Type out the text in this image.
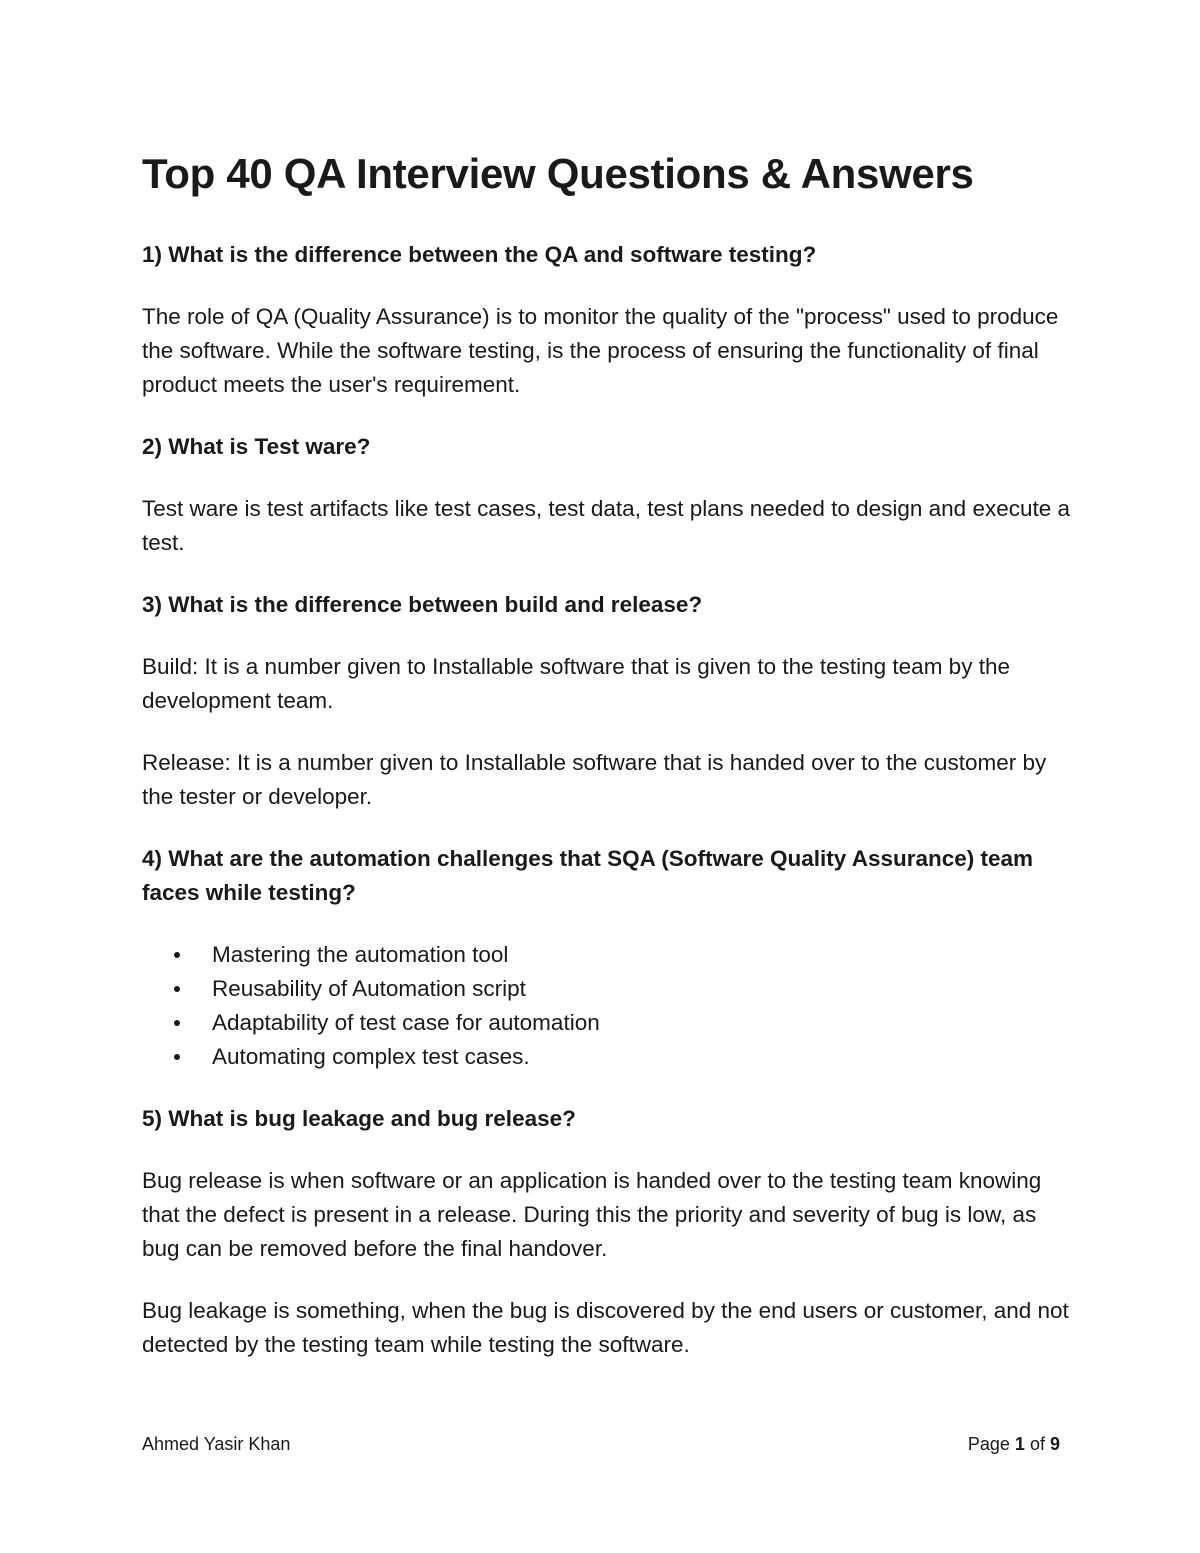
Top 40 QA Interview Questions & Answers
1) What is the difference between the QA and software testing?
The role of QA (Quality Assurance) is to monitor the quality of the "process" used to produce the software. While the software testing, is the process of ensuring the functionality of final product meets the user's requirement.
2) What is Test ware?
Test ware is test artifacts like test cases, test data, test plans needed to design and execute a test.
3) What is the difference between build and release?
Build: It is a number given to Installable software that is given to the testing team by the development team.
Release: It is a number given to Installable software that is handed over to the customer by the tester or developer.
4) What are the automation challenges that SQA (Software Quality Assurance) team faces while testing?
Mastering the automation tool
Reusability of Automation script
Adaptability of test case for automation
Automating complex test cases.
5) What is bug leakage and bug release?
Bug release is when software or an application is handed over to the testing team knowing that the defect is present in a release. During this the priority and severity of bug is low, as bug can be removed before the final handover.
Bug leakage is something, when the bug is discovered by the end users or customer, and not detected by the testing team while testing the software.
Ahmed Yasir Khan	Page 1 of 9
